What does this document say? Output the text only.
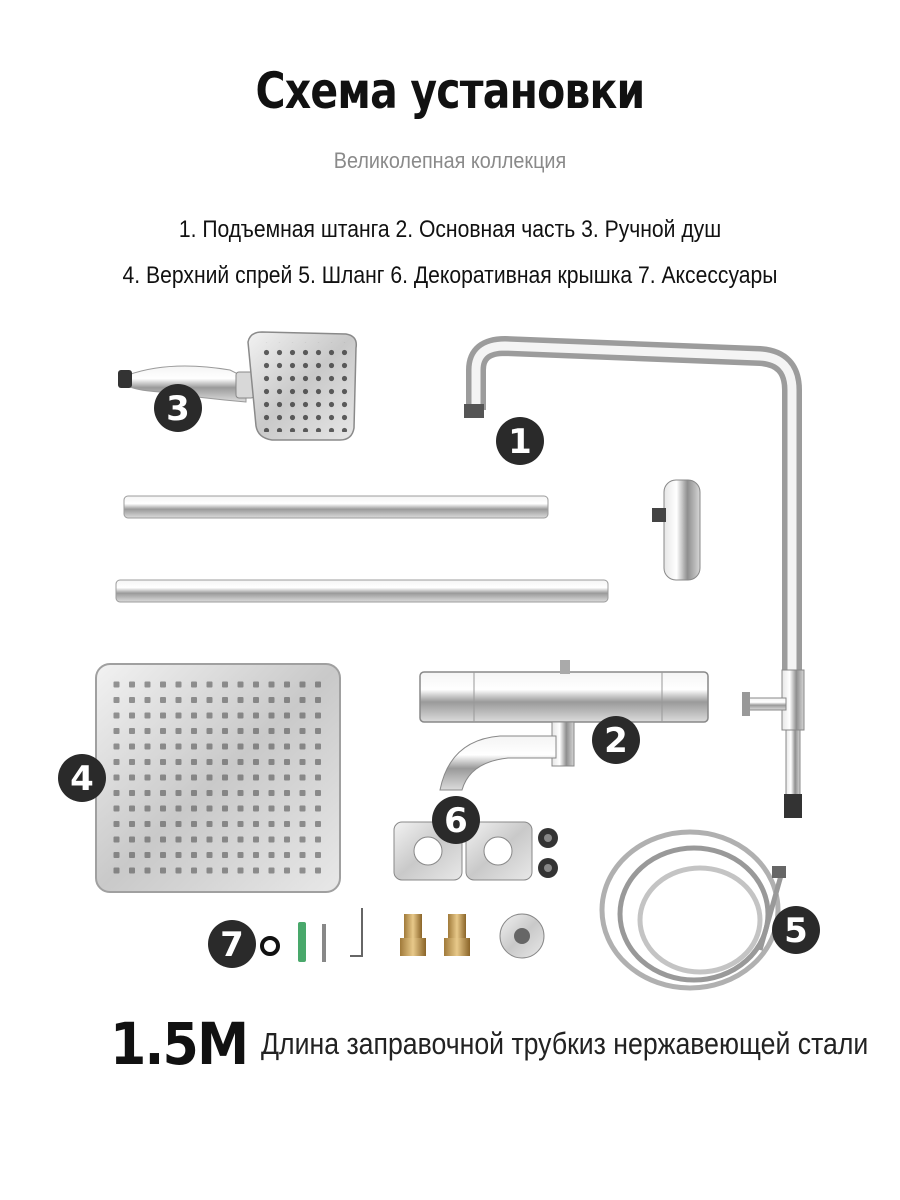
Схема установки
Великолепная коллекция
1. Подъемная штанга 2. Основная часть 3. Ручной душ
4. Верхний спрей 5. Шланг 6. Декоративная крышка 7. Аксессуары
1
2
3
4
5
6
7
1.5M Длина заправочной трубкиз нержавеющей стали
